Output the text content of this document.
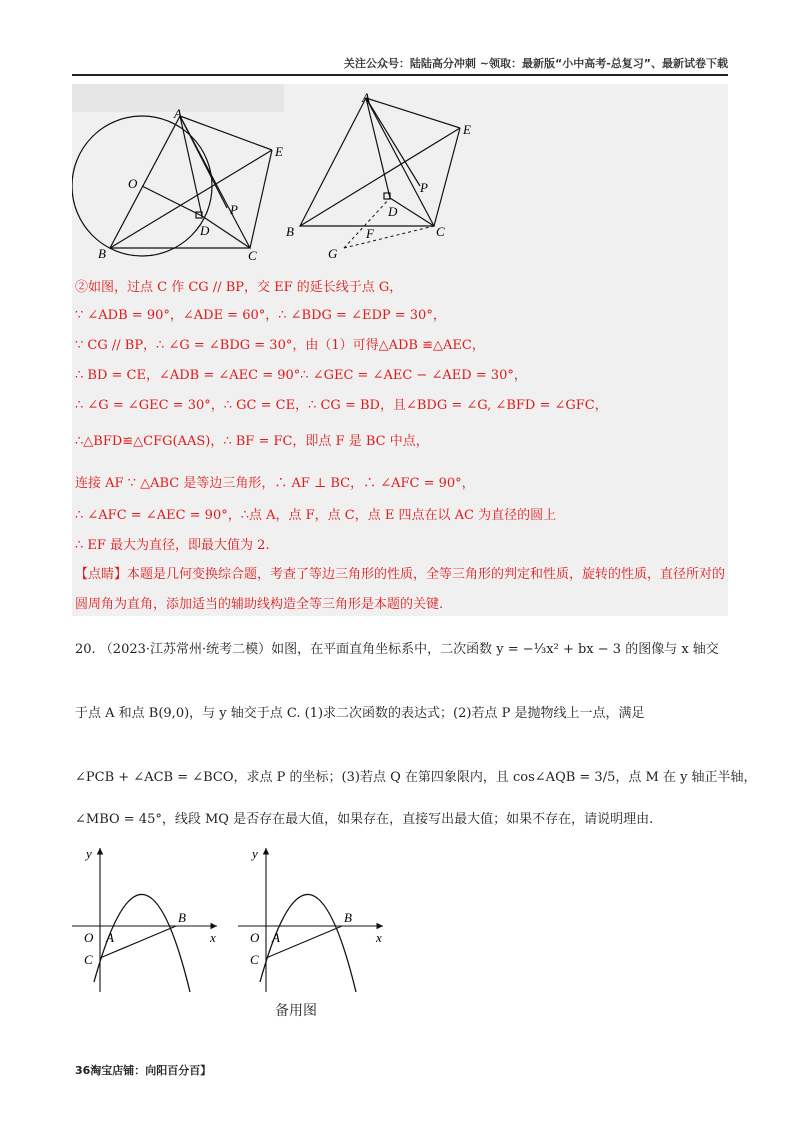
关注公众号：陆陆高分冲刺 ~领取：最新版“小中高考-总复习”、最新试卷下载
A
E
O
P
D
B	C
A
E
P
D
B	C
F
G
②如图，过点 C 作 CG // BP，交 EF 的延长线于点 G，
∵ ∠ADB = 90°，∠ADE = 60°，∴ ∠BDG = ∠EDP = 30°，
∵ CG // BP，∴ ∠G = ∠BDG = 30°，由（1）可得△ADB ≌△AEC，
∴ BD = CE，∠ADB = ∠AEC = 90°∴ ∠GEC = ∠AEC − ∠AED = 30°，
∴ ∠G = ∠GEC = 30°，∴ GC = CE，∴ CG = BD，且∠BDG = ∠G, ∠BFD = ∠GFC，
∴△BFD≌△CFG(AAS)，∴ BF = FC，即点 F 是 BC 中点，
连接 AF ∵ △ABC 是等边三角形，∴ AF ⊥ BC，∴ ∠AFC = 90°，
∴ ∠AFC = ∠AEC = 90°，∴点 A，点 F，点 C，点 E 四点在以 AC 为直径的圆上
∴ EF 最大为直径，即最大值为 2.
【点睛】本题是几何变换综合题，考查了等边三角形的性质，全等三角形的判定和性质，旋转的性质，直径所对的圆周角为直角，添加适当的辅助线构造全等三角形是本题的关键.
20. （2023·江苏常州·统考二模）如图，在平面直角坐标系中，二次函数 y = −⅓x² + bx − 3 的图像与 x 轴交
于点 A 和点 B(9,0)，与 y 轴交于点 C. (1)求二次函数的表达式；(2)若点 P 是抛物线上一点，满足
∠PCB + ∠ACB = ∠BCO，求点 P 的坐标；(3)若点 Q 在第四象限内，且 cos∠AQB = 3/5，点 M 在 y 轴正半轴，
∠MBO = 45°，线段 MQ 是否存在最大值，如果存在，直接写出最大值；如果不存在，请说明理由.
y
x
O A
B
C
y
x
O A
B
C
备用图
36淘宝店铺：向阳百分百】
